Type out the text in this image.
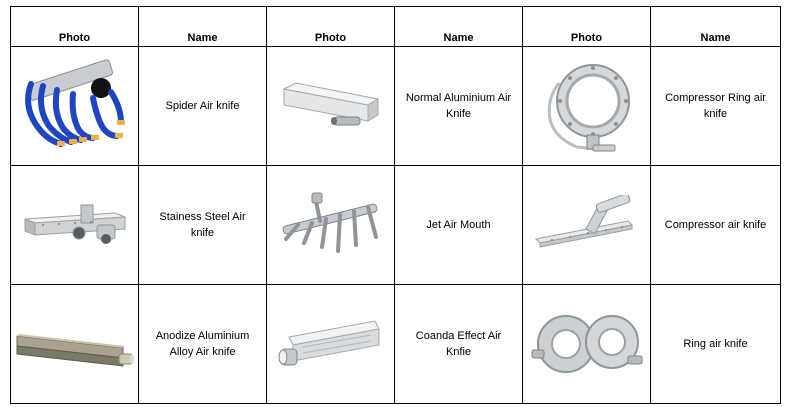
Photo	Name	Photo	Name	Photo	Name

	Spider Air knife		Normal Aluminium Air Knife		Compressor Ring air knife

	Stainess Steel Air knife		Jet Air Mouth		Compressor air knife

	Anodize Aluminium Alloy Air knife		Coanda Effect Air Knfie		Ring air knife
